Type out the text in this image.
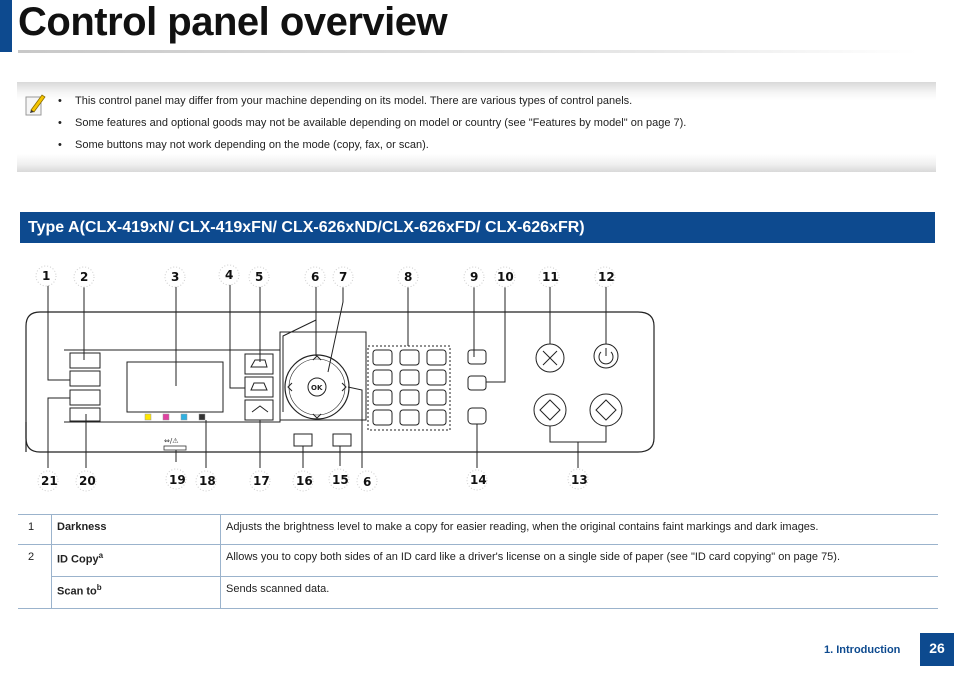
Control panel overview
• This control panel may differ from your machine depending on its model. There are various types of control panels.
• Some features and optional goods may not be available depending on model or country (see "Features by model" on page 7).
• Some buttons may not work depending on the mode (copy, fax, or scan).
Type A(CLX-419xN/ CLX-419xFN/ CLX-626xND/CLX-626xFD/ CLX-626xFR)
⇔/⚠
OK
1 2	3	4 5	6 7	8	9 10 11	12
21 20	19 18	17 16 15 6	14	13
1	Darkness	Adjusts the brightness level to make a copy for easier reading, when the original contains faint markings and dark images.
2	ID Copy$^a$	Allows you to copy both sides of an ID card like a driver's license on a single side of paper (see "ID card copying" on page 75).
	Scan $to^b$	Sends scanned data.
1. Introduction	26
